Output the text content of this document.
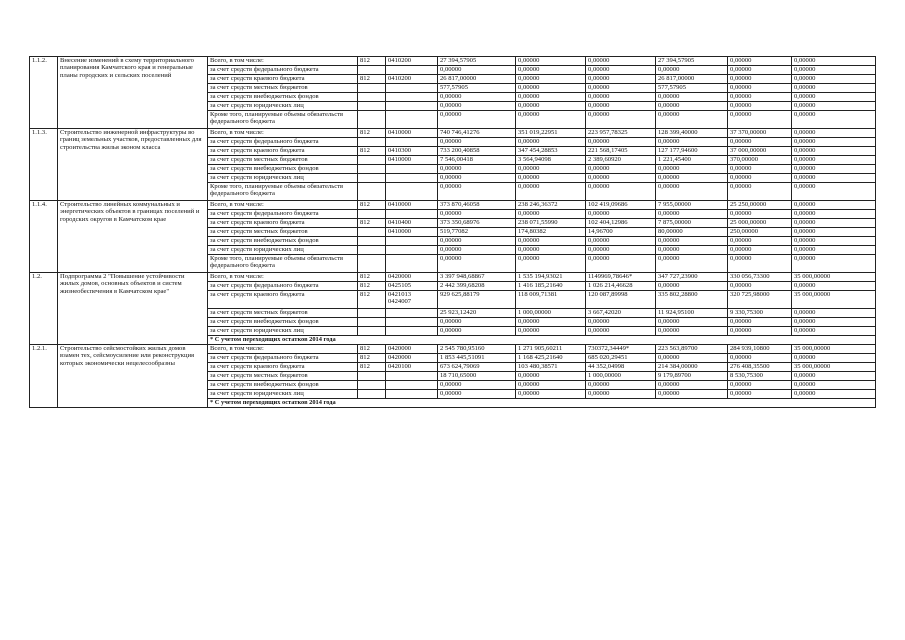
1.1.2.	Внесение изменений в схему территориального планирования Камчатского края и генеральные планы городских и сельских поселений	Всего, в том числе:	812	0410200	27 394,57905	0,00000	0,00000	27 394,57905	0,00000	0,00000
		за счет средств федерального бюджета			0,00000	0,00000	0,00000	0,00000	0,00000	0,00000
		за счет средств краевого бюджета	812	0410200	26 817,00000	0,00000	0,00000	26 817,00000	0,00000	0,00000
		за счет средств местных бюджетов			577,57905	0,00000	0,00000	577,57905	0,00000	0,00000
		за счет средств внебюджетных фондов			0,00000	0,00000	0,00000	0,00000	0,00000	0,00000
		за счет средств юридических лиц			0,00000	0,00000	0,00000	0,00000	0,00000	0,00000
		Кроме того, планируемые объемы обязательств федерального бюджета			0,00000	0,00000	0,00000	0,00000	0,00000	0,00000
1.1.3.	Строительство инженерной инфраструктуры во границ земельных участков, предоставленных для строительства жилья эконом класса	Всего, в том числе:	812	0410000	740 746,41276	351 019,22951	223 957,78325	128 399,40000	37 370,00000	0,00000
		за счет средств федерального бюджета			0,00000	0,00000	0,00000	0,00000	0,00000	0,00000
		за счет средств краевого бюджета	812	0410300	733 200,40858	347 454,28853	221 568,17405	127 177,94600	37 000,00000	0,00000
		за счет средств местных бюджетов		0410000	7 546,00418	3 564,94098	2 389,60920	1 221,45400	370,00000	0,00000
		за счет средств внебюджетных фондов			0,00000	0,00000	0,00000	0,00000	0,00000	0,00000
		за счет средств юридических лиц			0,00000	0,00000	0,00000	0,00000	0,00000	0,00000
		Кроме того, планируемые объемы обязательств федерального бюджета			0,00000	0,00000	0,00000	0,00000	0,00000	0,00000
1.1.4.	Строительство линейных коммунальных и энергетических объектов в границах поселений и городских округов в Камчатском крае	Всего, в том числе:	812	0410000	373 870,46058	238 246,36372	102 419,09686	7 955,00000	25 250,00000	0,00000
		за счет средств федерального бюджета			0,00000	0,00000	0,00000	0,00000	0,00000	0,00000
		за счет средств краевого бюджета	812	0410400	373 350,68976	238 071,55990	102 404,12986	7 875,00000	25 000,00000	0,00000
		за счет средств местных бюджетов		0410000	519,77082	174,80382	14,96700	80,00000	250,00000	0,00000
		за счет средств внебюджетных фондов			0,00000	0,00000	0,00000	0,00000	0,00000	0,00000
		за счет средств юридических лиц			0,00000	0,00000	0,00000	0,00000	0,00000	0,00000
		Кроме того, планируемые объемы обязательств федерального бюджета			0,00000	0,00000	0,00000	0,00000	0,00000	0,00000
1.2.	Подпрограмма 2 "Повышение устойчивости жилых домов, основных объектов и систем жизнеобеспечения в Камчатском крае"	Всего, в том числе:	812	0420000	3 397 948,68867	1 535 194,93021	1149969,78646*	347 727,23900	330 056,73300	35 000,00000
		за счет средств федерального бюджета	812	0425105	2 442 399,68208	1 416 185,21640	1 026 214,46628	0,00000	0,00000	0,00000
		за счет средств краевого бюджета	812	0421013 0424007	929 625,88179	118 009,71381	120 087,89998	335 802,28800	320 725,98000	35 000,00000
		за счет средств местных бюджетов			25 923,12420	1 000,00000	3 667,42020	11 924,95100	9 330,75300	0,00000
		за счет средств внебюджетных фондов			0,00000	0,00000	0,00000	0,00000	0,00000	0,00000
		за счет средств юридических лиц			0,00000	0,00000	0,00000	0,00000	0,00000	0,00000
		* С учетом переходящих остатков 2014 года								
1.2.1.	Строительство сейсмостойких жилых домов взамен тех, сейсмоусиление или реконструкция которых экономически нецелесообразны	Всего, в том числе:	812	0420000	2 545 780,95160	1 271 905,60211	730372,34449*	223 563,89700	284 939,10800	35 000,00000
		за счет средств федерального бюджета	812	0420000	1 853 445,51091	1 168 425,21640	685 020,29451	0,00000	0,00000	0,00000
		за счет средств краевого бюджета	812	0420100	673 624,79069	103 480,38571	44 352,04998	214 384,00000	276 408,35500	35 000,00000
		за счет средств местных бюджетов			18 710,65000	0,00000	1 000,00000	9 179,89700	8 530,75300	0,00000
		за счет средств внебюджетных фондов			0,00000	0,00000	0,00000	0,00000	0,00000	0,00000
		за счет средств юридических лиц			0,00000	0,00000	0,00000	0,00000	0,00000	0,00000
		* С учетом переходящих остатков 2014 года								
